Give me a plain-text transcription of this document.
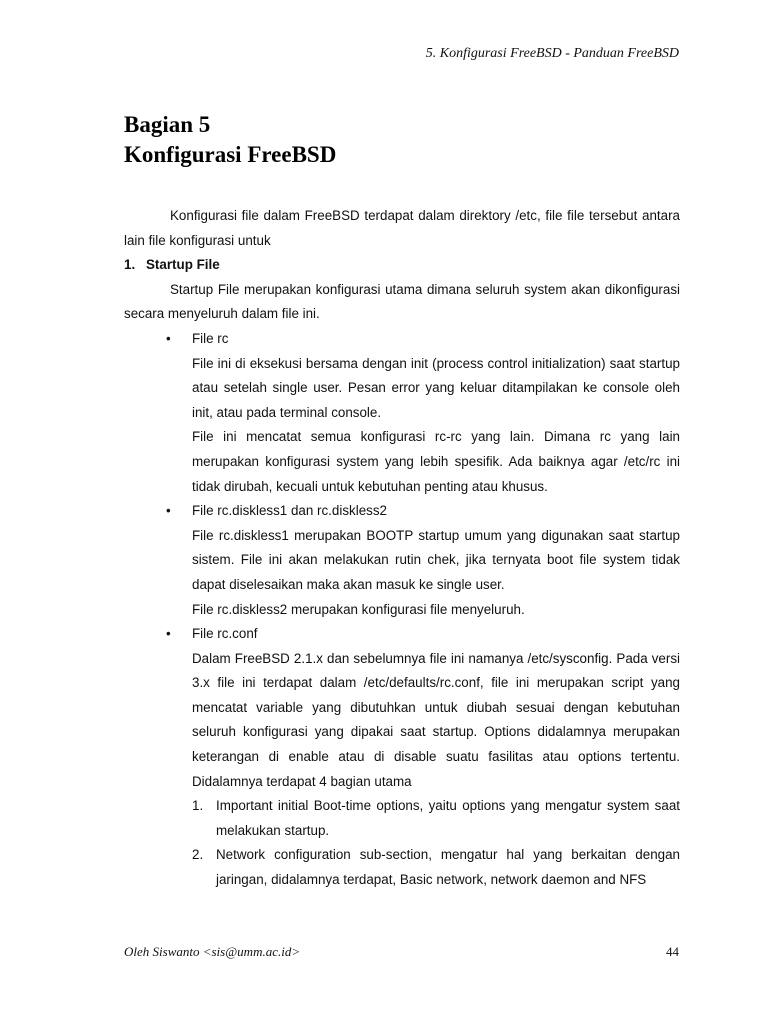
5. Konfigurasi FreeBSD - Panduan FreeBSD
Bagian 5
Konfigurasi FreeBSD

Konfigurasi file dalam FreeBSD terdapat dalam direktory /etc, file file tersebut antara lain file konfigurasi untuk

1. Startup File

Startup File merupakan konfigurasi utama dimana seluruh system akan dikonfigurasi secara menyeluruh dalam file ini.

• File rc

File ini di eksekusi bersama dengan init (process control initialization) saat startup atau setelah single user. Pesan error yang keluar ditampilakan ke console oleh init, atau pada terminal console.

File ini mencatat semua konfigurasi rc-rc yang lain. Dimana rc yang lain merupakan konfigurasi system yang lebih spesifik. Ada baiknya agar /etc/rc ini tidak dirubah, kecuali untuk kebutuhan penting atau khusus.

• File rc.diskless1 dan rc.diskless2

File rc.diskless1 merupakan BOOTP startup umum yang digunakan saat startup sistem. File ini akan melakukan rutin chek, jika ternyata boot file system tidak dapat diselesaikan maka akan masuk ke single user.

File rc.diskless2 merupakan konfigurasi file menyeluruh.

• File rc.conf

Dalam FreeBSD 2.1.x dan sebelumnya file ini namanya /etc/sysconfig. Pada versi 3.x file ini terdapat dalam /etc/defaults/rc.conf, file ini merupakan script yang mencatat variable yang dibutuhkan untuk diubah sesuai dengan kebutuhan seluruh konfigurasi yang dipakai saat startup. Options didalamnya merupakan keterangan di enable atau di disable suatu fasilitas atau options tertentu. Didalamnya terdapat 4 bagian utama

1. Important initial Boot-time options, yaitu options yang mengatur system saat melakukan startup.

2. Network configuration sub-section, mengatur hal yang berkaitan dengan jaringan, didalamnya terdapat, Basic network, network daemon and NFS

Oleh Siswanto <sis@umm.ac.id>	44
